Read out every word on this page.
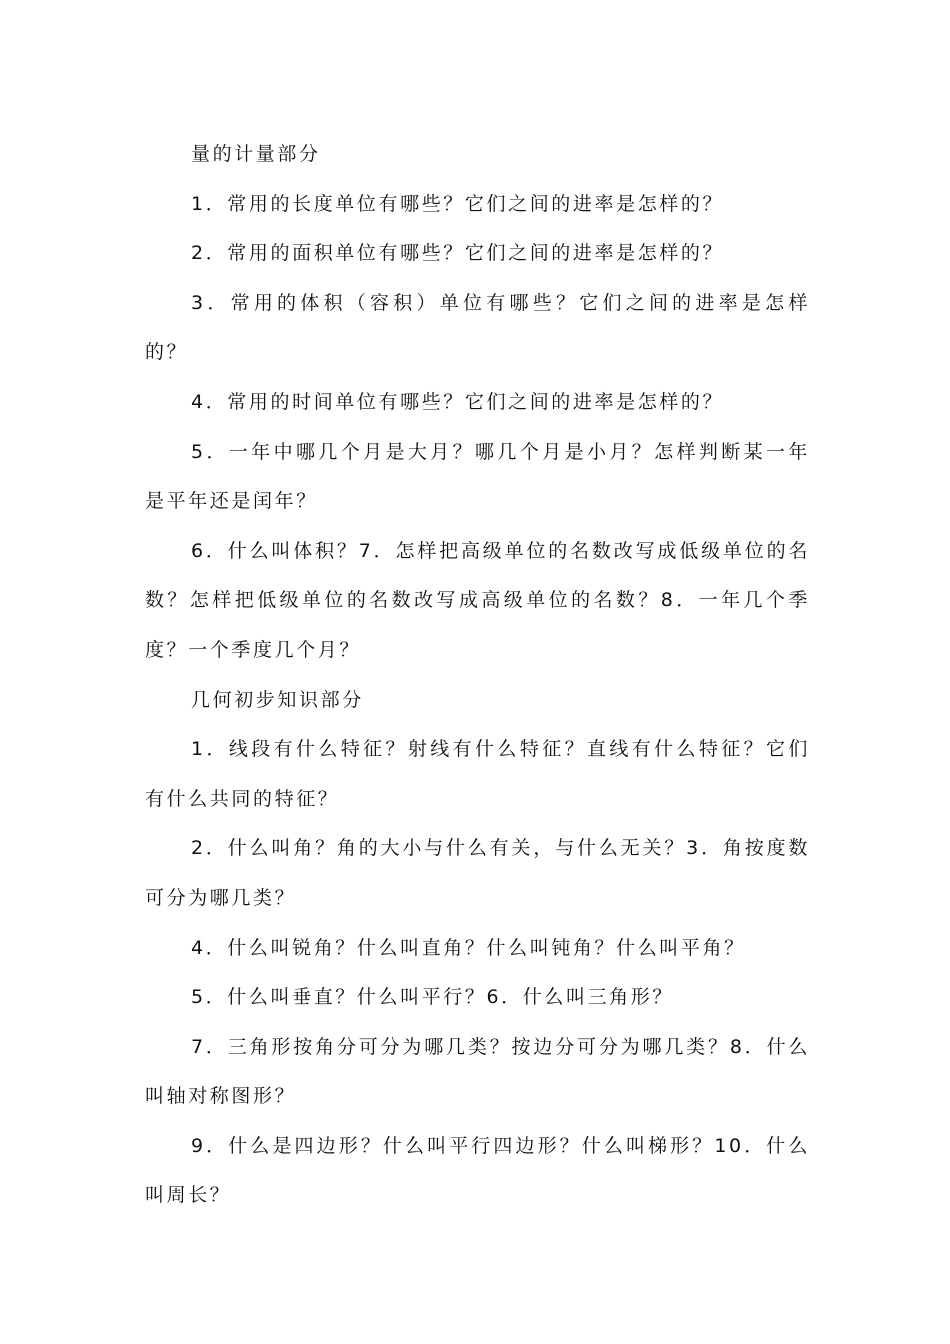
量的计量部分

1．常用的长度单位有哪些？它们之间的进率是怎样的？

2．常用的面积单位有哪些？它们之间的进率是怎样的？

3．常用的体积（容积）单位有哪些？它们之间的进率是怎样的？

4．常用的时间单位有哪些？它们之间的进率是怎样的？

5．一年中哪几个月是大月？哪几个月是小月？怎样判断某一年是平年还是闰年？

6．什么叫体积？7．怎样把高级单位的名数改写成低级单位的名数？怎样把低级单位的名数改写成高级单位的名数？8．一年几个季度？一个季度几个月？

几何初步知识部分

1．线段有什么特征？射线有什么特征？直线有什么特征？它们有什么共同的特征？

2．什么叫角？角的大小与什么有关，与什么无关？3．角按度数可分为哪几类？

4．什么叫锐角？什么叫直角？什么叫钝角？什么叫平角？

5．什么叫垂直？什么叫平行？6．什么叫三角形？

7．三角形按角分可分为哪几类？按边分可分为哪几类？8．什么叫轴对称图形？

9．什么是四边形？什么叫平行四边形？什么叫梯形？10．什么叫周长？
